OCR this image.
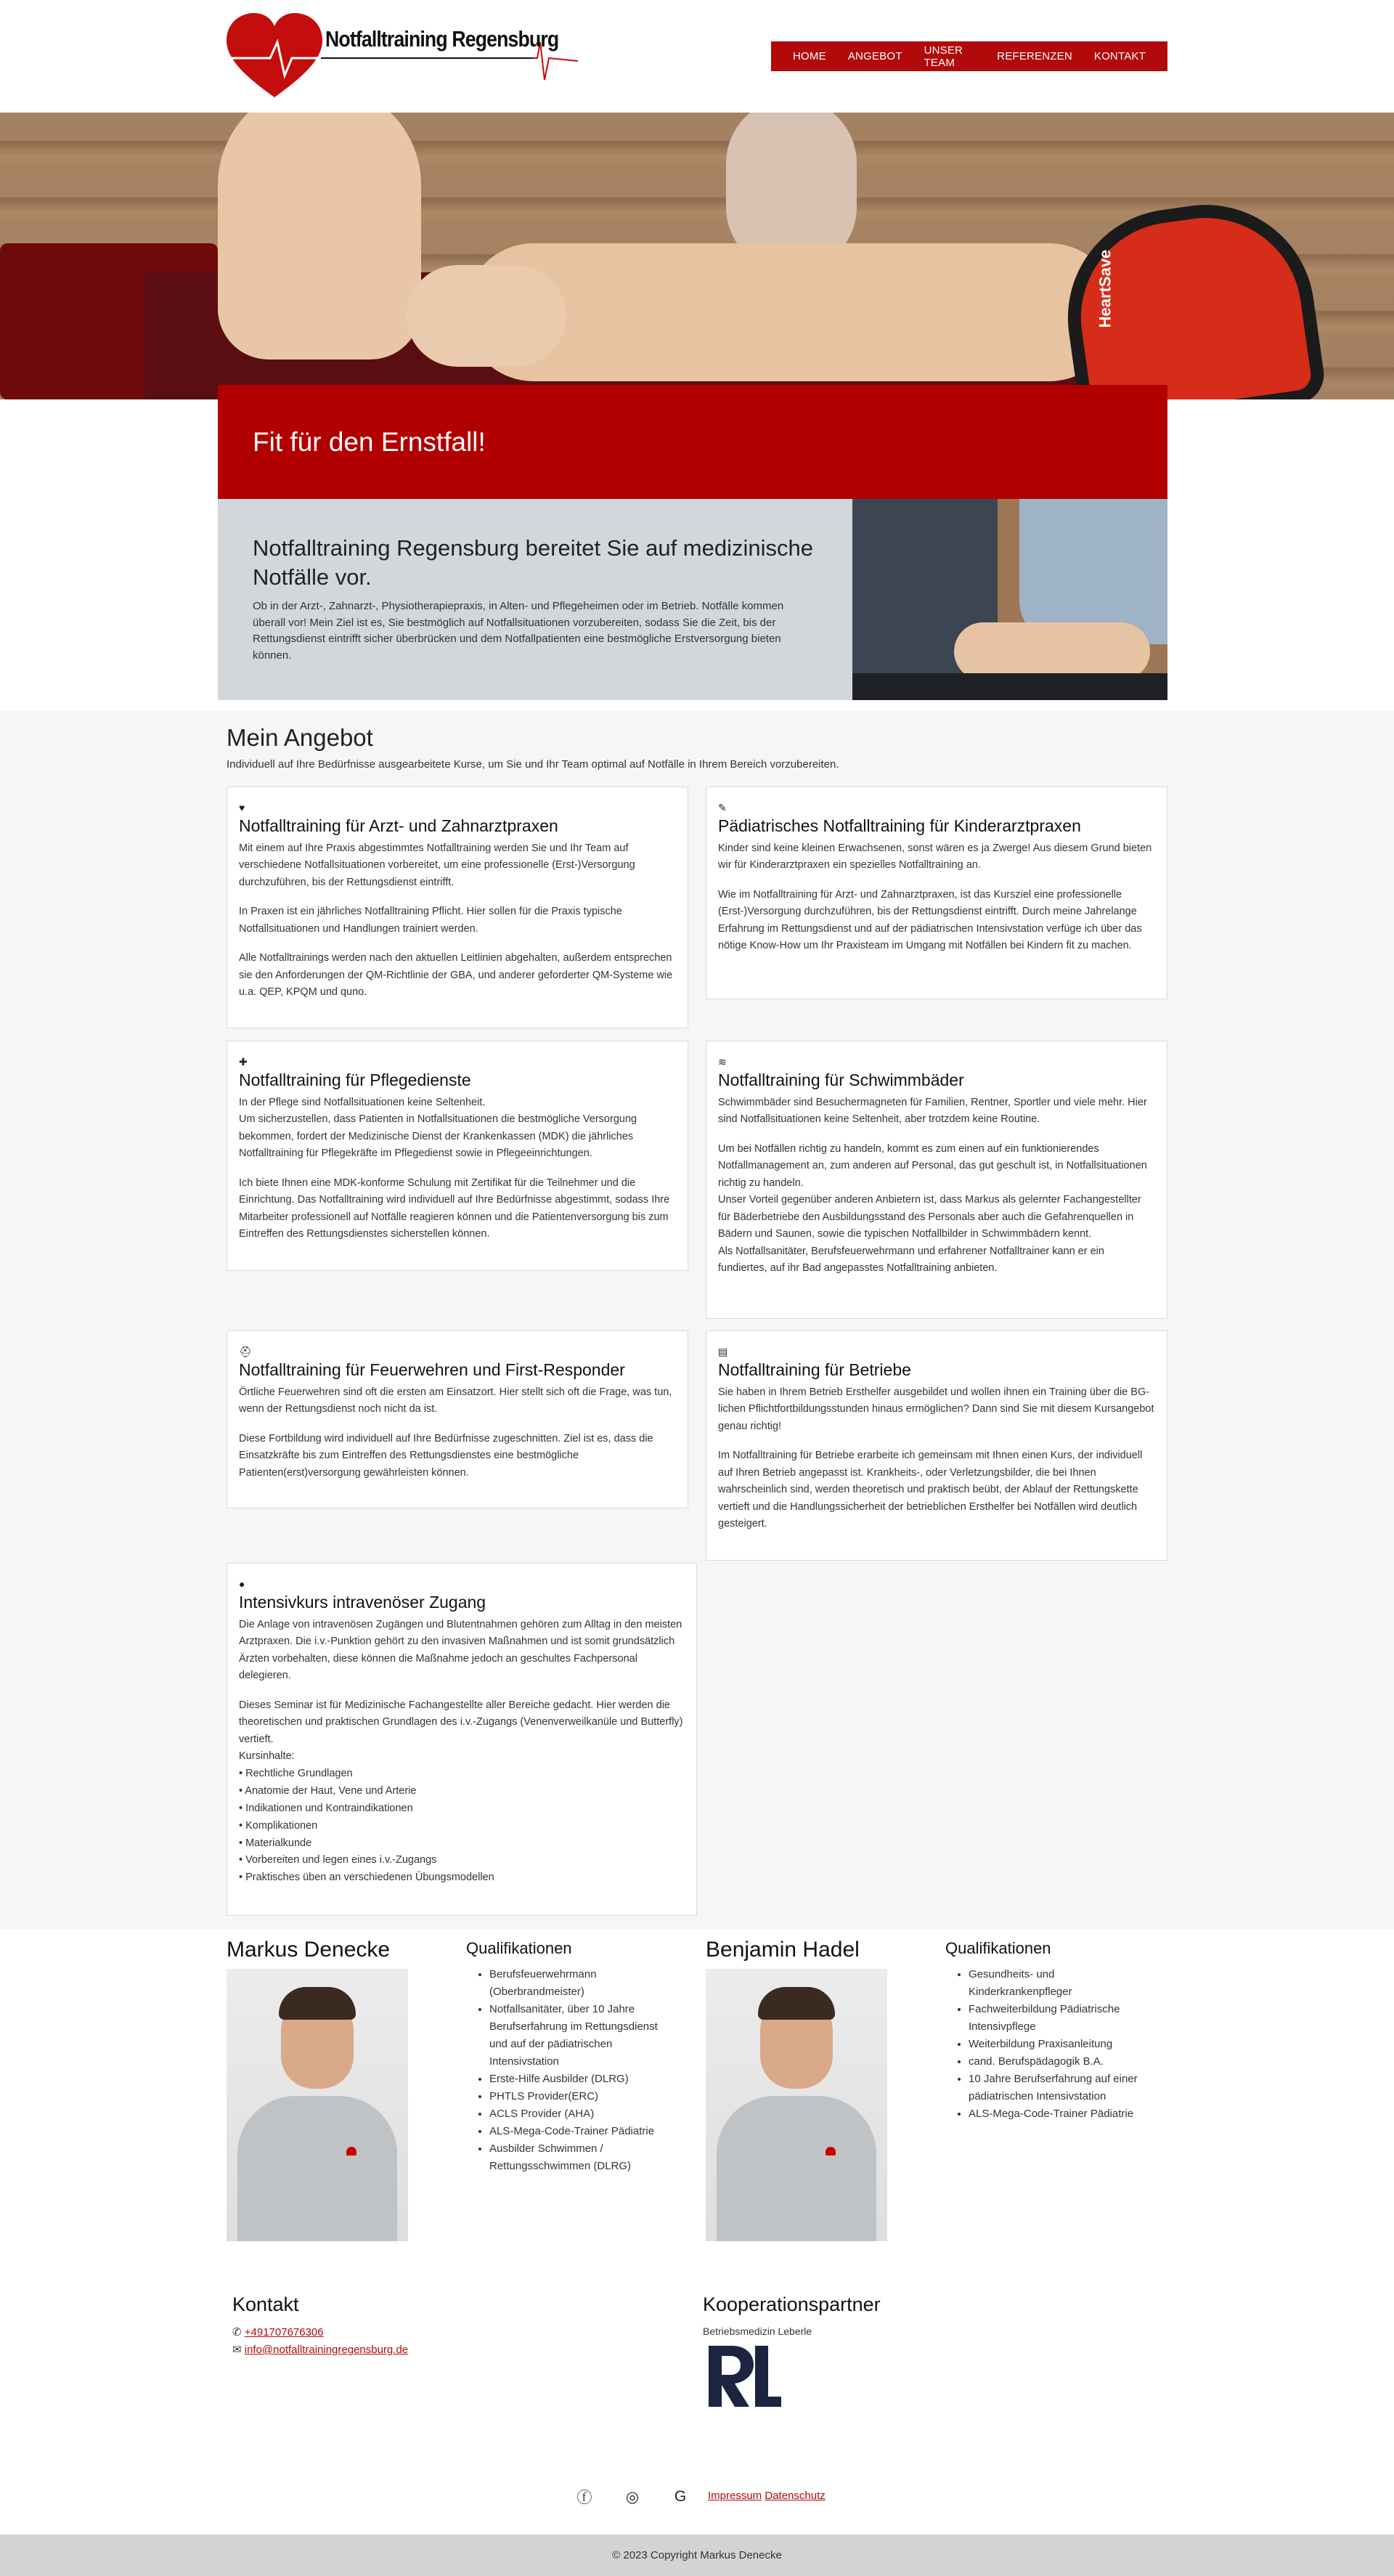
Notfalltraining Regensburg
HOME	ANGEBOT	UNSER TEAM	REFERENZEN	KONTAKT
HeartSave
Fit für den Ernstfall!
Notfalltraining Regensburg bereitet Sie auf medizinische Notfälle vor.

Ob in der Arzt-, Zahnarzt-, Physiotherapiepraxis, in Alten- und Pflegeheimen oder im Betrieb. Notfälle kommen überall vor! Mein Ziel ist es, Sie bestmöglich auf Notfallsituationen vorzubereiten, sodass Sie die Zeit, bis der Rettungsdienst eintrifft sicher überbrücken und dem Notfallpatienten eine bestmögliche Erstversorgung bieten können.

Mein Angebot
Individuell auf Ihre Bedürfnisse ausgearbeitete Kurse, um Sie und Ihr Team optimal auf Notfälle in Ihrem Bereich vorzubereiten.
♥
Notfalltraining für Arzt- und Zahnarztpraxen

Mit einem auf Ihre Praxis abgestimmtes Notfalltraining werden Sie und Ihr Team auf verschiedene Notfallsituationen vorbereitet, um eine professionelle (Erst-)Versorgung durchzuführen, bis der Rettungsdienst eintrifft.

In Praxen ist ein jährliches Notfalltraining Pflicht. Hier sollen für die Praxis typische Notfallsituationen und Handlungen trainiert werden.

Alle Notfalltrainings werden nach den aktuellen Leitlinien abgehalten, außerdem entsprechen sie den Anforderungen der QM-Richtlinie der GBA, und anderer geforderter QM-Systeme wie u.a. QEP, KPQM und quno.

✎
Pädiatrisches Notfalltraining für Kinderarztpraxen

Kinder sind keine kleinen Erwachsenen, sonst wären es ja Zwerge! Aus diesem Grund bieten wir für Kinderarztpraxen ein spezielles Notfalltraining an.

Wie im Notfalltraining für Arzt- und Zahnarztpraxen, ist das Kursziel eine professionelle (Erst-)Versorgung durchzuführen, bis der Rettungsdienst eintrifft. Durch meine Jahrelange Erfahrung im Rettungsdienst und auf der pädiatrischen Intensivstation verfüge ich über das nötige Know-How um Ihr Praxisteam im Umgang mit Notfällen bei Kindern fit zu machen.

✚
Notfalltraining für Pflegedienste

In der Pflege sind Notfallsituationen keine Seltenheit.
Um sicherzustellen, dass Patienten in Notfallsituationen die bestmögliche Versorgung bekommen, fordert der Medizinische Dienst der Krankenkassen (MDK) die jährliches Notfalltraining für Pflegekräfte im Pflegedienst sowie in Pflegeeinrichtungen.

Ich biete Ihnen eine MDK-konforme Schulung mit Zertifikat für die Teilnehmer und die Einrichtung. Das Notfalltraining wird individuell auf Ihre Bedürfnisse abgestimmt, sodass Ihre Mitarbeiter professionell auf Notfälle reagieren können und die Patientenversorgung bis zum Eintreffen des Rettungsdienstes sicherstellen können.

≋
Notfalltraining für Schwimmbäder

Schwimmbäder sind Besuchermagneten für Familien, Rentner, Sportler und viele mehr. Hier sind Notfallsituationen keine Seltenheit, aber trotzdem keine Routine.

Um bei Notfällen richtig zu handeln, kommt es zum einen auf ein funktionierendes Notfallmanagement an, zum anderen auf Personal, das gut geschult ist, in Notfallsituationen richtig zu handeln.
Unser Vorteil gegenüber anderen Anbietern ist, dass Markus als gelernter Fachangestellter für Bäderbetriebe den Ausbildungsstand des Personals aber auch die Gefahrenquellen in Bädern und Saunen, sowie die typischen Notfallbilder in Schwimmbädern kennt.
Als Notfallsanitäter, Berufsfeuerwehrmann und erfahrener Notfalltrainer kann er ein fundiertes, auf ihr Bad angepasstes Notfalltraining anbieten.

⛑
Notfalltraining für Feuerwehren und First-Responder

Örtliche Feuerwehren sind oft die ersten am Einsatzort. Hier stellt sich oft die Frage, was tun, wenn der Rettungsdienst noch nicht da ist.

Diese Fortbildung wird individuell auf Ihre Bedürfnisse zugeschnitten. Ziel ist es, dass die Einsatzkräfte bis zum Eintreffen des Rettungsdienstes eine bestmögliche Patienten(erst)versorgung gewährleisten können.

▤
Notfalltraining für Betriebe

Sie haben in Ihrem Betrieb Ersthelfer ausgebildet und wollen ihnen ein Training über die BG-lichen Pflichtfortbildungsstunden hinaus ermöglichen? Dann sind Sie mit diesem Kursangebot genau richtig!

Im Notfalltraining für Betriebe erarbeite ich gemeinsam mit Ihnen einen Kurs, der individuell auf Ihren Betrieb angepasst ist. Krankheits-, oder Verletzungsbilder, die bei Ihnen wahrscheinlich sind, werden theoretisch und praktisch beübt, der Ablauf der Rettungskette vertieft und die Handlungssicherheit der betrieblichen Ersthelfer bei Notfällen wird deutlich gesteigert.

●
Intensivkurs intravenöser Zugang

Die Anlage von intravenösen Zugängen und Blutentnahmen gehören zum Alltag in den meisten Arztpraxen. Die i.v.-Punktion gehört zu den invasiven Maßnahmen und ist somit grundsätzlich Ärzten vorbehalten, diese können die Maßnahme jedoch an geschultes Fachpersonal delegieren.

Dieses Seminar ist für Medizinische Fachangestellte aller Bereiche gedacht. Hier werden die theoretischen und praktischen Grundlagen des i.v.-Zugangs (Venenverweilkanüle und Butterfly) vertieft.
Kursinhalte:

• Rechtliche Grundlagen
• Anatomie der Haut, Vene und Arterie
• Indikationen und Kontraindikationen
• Komplikationen
• Materialkunde
• Vorbereiten und legen eines i.v.-Zugangs
• Praktisches üben an verschiedenen Übungsmodellen
Markus Denecke	Qualifikationen
• Berufsfeuerwehrmann (Oberbrandmeister)
• Notfallsanitäter, über 10 Jahre Berufserfahrung im Rettungsdienst und auf der pädiatrischen Intensivstation
• Erste-Hilfe Ausbilder (DLRG)
• PHTLS Provider(ERC)
• ACLS Provider (AHA)
• ALS-Mega-Code-Trainer Pädiatrie
• Ausbilder Schwimmen / Rettungsschwimmen (DLRG)
Benjamin Hadel	Qualifikationen
• Gesundheits- und Kinderkrankenpfleger
• Fachweiterbildung Pädiatrische Intensivpflege
• Weiterbildung Praxisanleitung
• cand. Berufspädagogik B.A.
• 10 Jahre Berufserfahrung auf einer pädiatrischen Intensivstation
• ALS-Mega-Code-Trainer Pädiatrie
Kontakt
✆ +491707676306
✉ info@notfalltrainingregensburg.de
Kooperationspartner
Betriebsmedizin Leberle
ⓕ ◎ G Impressum Datenschutz
© 2023 Copyright Markus Denecke
